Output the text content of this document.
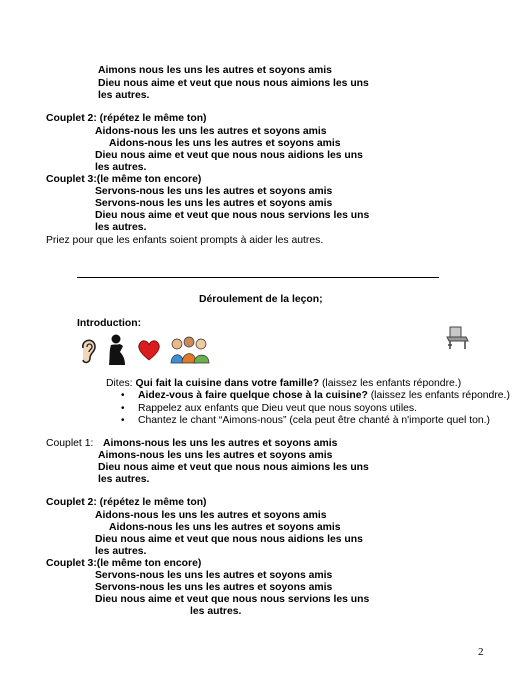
Aimons nous les uns les autres et soyons amis
Dieu nous aime et veut que nous nous aimions les uns
les autres.
Couplet 2: (répétez le même ton)
Aidons-nous les uns les autres et soyons amis
Aidons-nous les uns les autres et soyons amis
Dieu nous aime et veut que nous nous aidions les uns
les autres.
Couplet 3:(le même ton encore)
Servons-nous les uns les autres et soyons amis
Servons-nous les uns les autres et soyons amis
Dieu nous aime et veut que nous nous servions les uns
les autres.
Priez pour que les enfants soient prompts à aider les autres.
Déroulement de la leçon;
Introduction:
Dites: Qui fait la cuisine dans votre famille? (laissez les enfants répondre.)
• Aidez-vous à faire quelque chose à la cuisine? (laissez les enfants répondre.)
• Rappelez aux enfants que Dieu veut que nous soyons utiles.
• Chantez le chant “Aimons-nous” (cela peut être chanté à n'importe quel ton.)
Couplet 1: Aimons-nous les uns les autres et soyons amis
Aimons-nous les uns les autres et soyons amis
Dieu nous aime et veut que nous nous aimions les uns
les autres.
Couplet 2: (répétez le même ton)
Aidons-nous les uns les autres et soyons amis
Aidons-nous les uns les autres et soyons amis
Dieu nous aime et veut que nous nous aidions les uns
les autres.
Couplet 3:(le même ton encore)
Servons-nous les uns les autres et soyons amis
Servons-nous les uns les autres et soyons amis
Dieu nous aime et veut que nous nous servions les uns
les autres.
2
